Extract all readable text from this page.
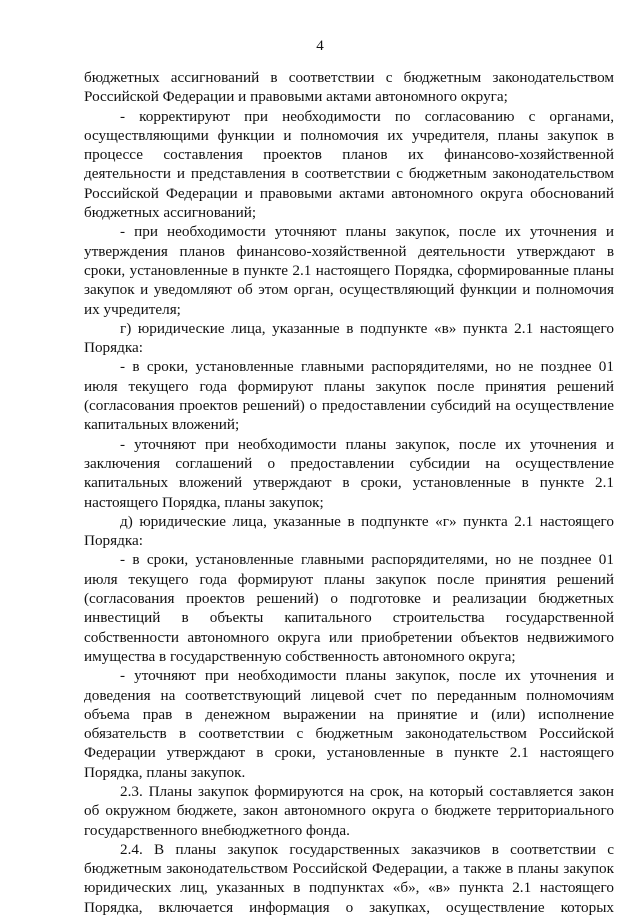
4

бюджетных ассигнований в соответствии с бюджетным законодательством Российской Федерации и правовыми актами автономного округа;

- корректируют при необходимости по согласованию с органами, осуществляющими функции и полномочия их учредителя, планы закупок в процессе составления проектов планов их финансово-хозяйственной деятельности и представления в соответствии с бюджетным законодательством Российской Федерации и правовыми актами автономного округа обоснований бюджетных ассигнований;

- при необходимости уточняют планы закупок, после их уточнения и утверждения планов финансово-хозяйственной деятельности утверждают в сроки, установленные в пункте 2.1 настоящего Порядка, сформированные планы закупок и уведомляют об этом орган, осуществляющий функции и полномочия их учредителя;

г) юридические лица, указанные в подпункте «в» пункта 2.1 настоящего Порядка:

- в сроки, установленные главными распорядителями, но не позднее 01 июля текущего года формируют планы закупок после принятия решений (согласования проектов решений) о предоставлении субсидий на осуществление капитальных вложений;

- уточняют при необходимости планы закупок, после их уточнения и заключения соглашений о предоставлении субсидии на осуществление капитальных вложений утверждают в сроки, установленные в пункте 2.1 настоящего Порядка, планы закупок;

д) юридические лица, указанные в подпункте «г» пункта 2.1 настоящего Порядка:

- в сроки, установленные главными распорядителями, но не позднее 01 июля текущего года формируют планы закупок после принятия решений (согласования проектов решений) о подготовке и реализации бюджетных инвестиций в объекты капитального строительства государственной собственности автономного округа или приобретении объектов недвижимого имущества в государственную собственность автономного округа;

- уточняют при необходимости планы закупок, после их уточнения и доведения на соответствующий лицевой счет по переданным полномочиям объема прав в денежном выражении на принятие и (или) исполнение обязательств в соответствии с бюджетным законодательством Российской Федерации утверждают в сроки, установленные в пункте 2.1 настоящего Порядка, планы закупок.

2.3. Планы закупок формируются на срок, на который составляется закон об окружном бюджете, закон автономного округа о бюджете территориального государственного внебюджетного фонда.

2.4. В планы закупок государственных заказчиков в соответствии с бюджетным законодательством Российской Федерации, а также в планы закупок юридических лиц, указанных в подпунктах «б», «в» пункта 2.1 настоящего Порядка, включается информация о закупках, осуществление которых
